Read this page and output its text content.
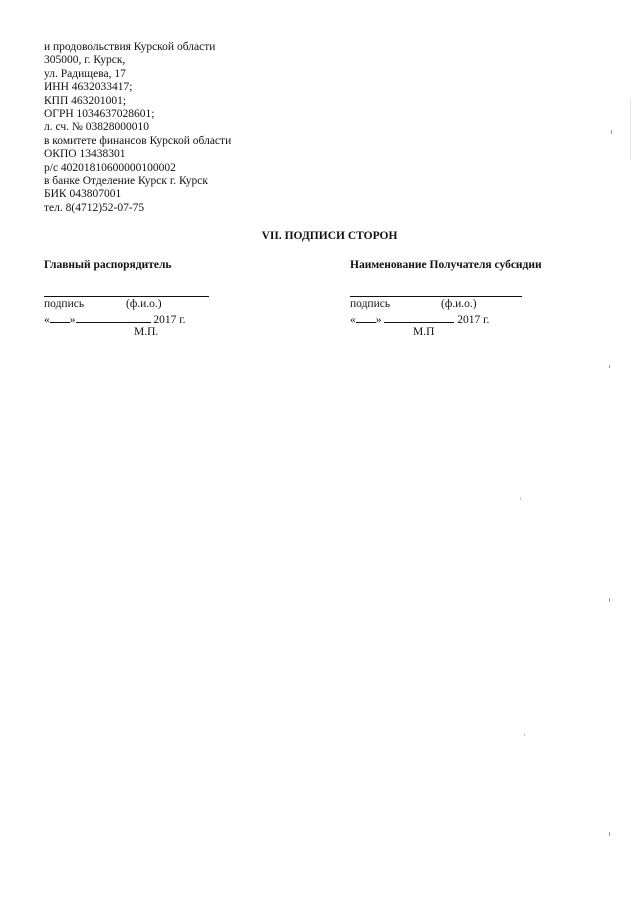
и продовольствия Курской области
305000, г. Курск,
ул. Радищева, 17
ИНН 4632033417;
КПП 463201001;
ОГРН 1034637028601;
л. сч. № 03828000010
в комитете финансов Курской области
ОКПО 13438301
р/с 40201810600000100002
в банке Отделение Курск г. Курск
БИК 043807001
тел. 8(4712)52-07-75
VII. ПОДПИСИ СТОРОН
Главный распорядитель
подпись	(ф.и.о.)
« »	2017 г.
М.П.
Наименование Получателя субсидии
подпись	(ф.и.о.)
« »	2017 г.
М.П
